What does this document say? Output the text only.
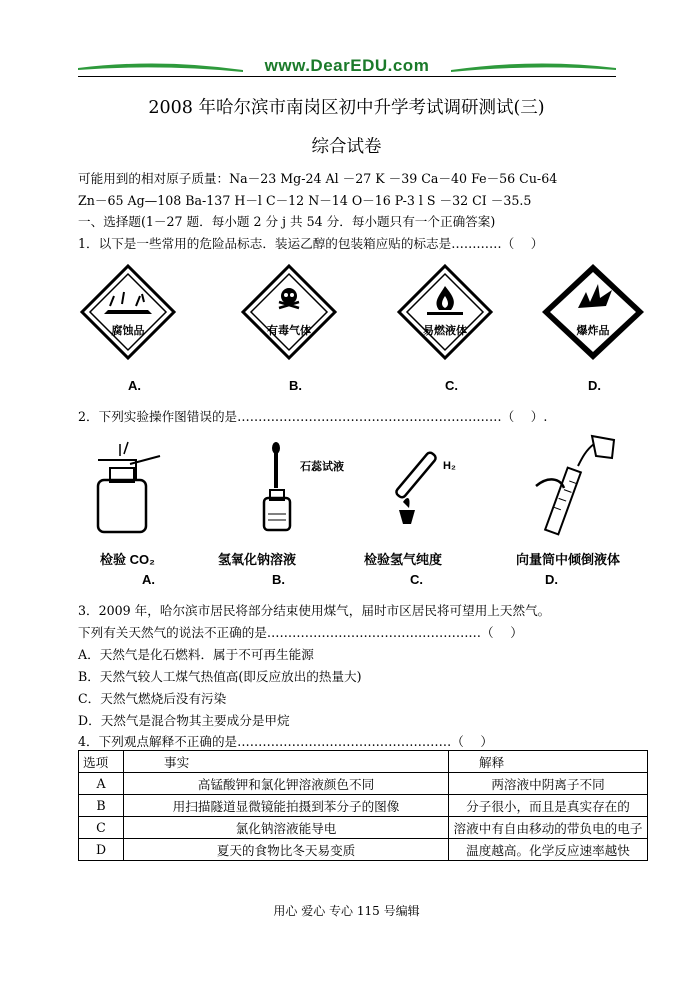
www.DearEDU.com
2008 年哈尔滨市南岗区初中升学考试调研测试(三)
综合试卷
可能用到的相对原子质量：Na－23 Mg-24 Al －27 K －39 Ca－40 Fe－56 Cu-64
Zn－65 Ag—108 Ba-137 H－l C－12 N－14 O－16 P-3 l S －32 CI －35.5
一、选择题(1－27 题．每小题 2 分 j 共 54 分．每小题只有一个正确答案)
1．以下是一些常用的危险品标志．装运乙醇的包装箱应贴的标志是…………（　 ）
腐蚀品	有毒气体	易燃液体	爆炸品
A.	B.	C.	D.
2．下列实验操作图错误的是………………………………………………………（　 ）.
石蕊试液	H₂
检验 CO₂	氢氧化钠溶液	检验氢气纯度	向量筒中倾倒液体
A.	B.	C.	D.
3．2009 年，哈尔滨市居民将部分结束使用煤气，届时市区居民将可望用上天然气。
下列有关天然气的说法不正确的是……………………………………………（　 ）
A．天然气是化石燃料．属于不可再生能源
B．天然气较人工煤气热值高(即反应放出的热量大)
C．天然气燃烧后没有污染
D．天然气是混合物其主要成分是甲烷
4．下列观点解释不正确的是……………………………………………（　 ）
选项	事实	解释
A	高锰酸钾和氯化钾溶液颜色不同	两溶液中阴离子不同
B	用扫描隧道显微镜能拍摄到苯分子的图像	分子很小，而且是真实存在的
C	氯化钠溶液能导电	溶液中有自由移动的带负电的电子
D	夏天的食物比冬天易变质	温度越高。化学反应速率越快
用心 爱心 专心 115 号编辑
